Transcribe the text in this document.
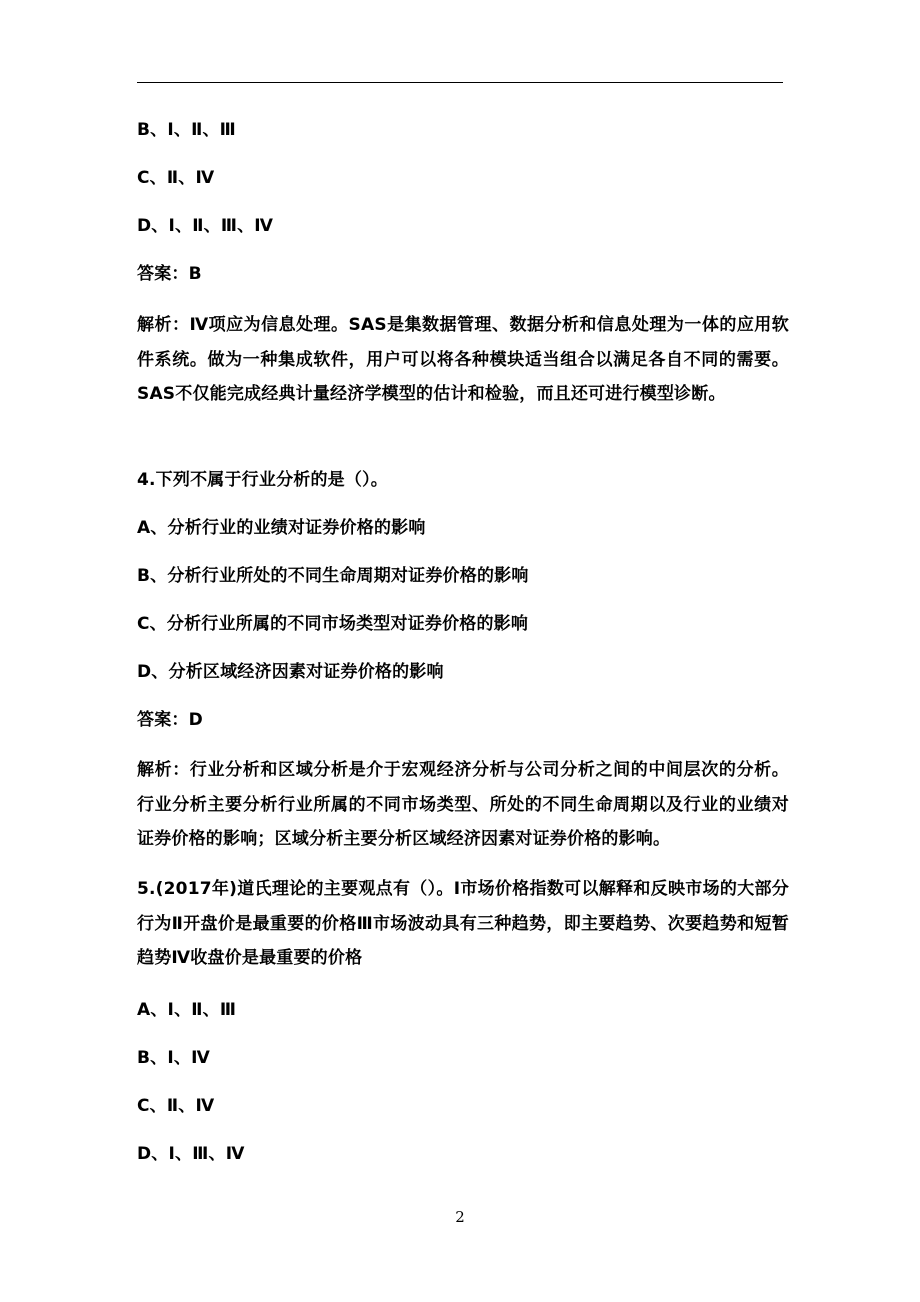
B、Ⅰ、Ⅱ、Ⅲ
C、Ⅱ、Ⅳ
D、Ⅰ、Ⅱ、Ⅲ、Ⅳ
答案：B
解析：Ⅳ项应为信息处理。SAS是集数据管理、数据分析和信息处理为一体的应用软件系统。做为一种集成软件，用户可以将各种模块适当组合以满足各自不同的需要。SAS不仅能完成经典计量经济学模型的估计和检验，而且还可进行模型诊断。
4.下列不属于行业分析的是（）。
A、分析行业的业绩对证券价格的影响
B、分析行业所处的不同生命周期对证券价格的影响
C、分析行业所属的不同市场类型对证券价格的影响
D、分析区域经济因素对证券价格的影响
答案：D
解析：行业分析和区域分析是介于宏观经济分析与公司分析之间的中间层次的分析。行业分析主要分析行业所属的不同市场类型、所处的不同生命周期以及行业的业绩对证券价格的影响；区域分析主要分析区域经济因素对证券价格的影响。
5.(2017年)道氏理论的主要观点有（）。Ⅰ市场价格指数可以解释和反映市场的大部分行为Ⅱ开盘价是最重要的价格Ⅲ市场波动具有三种趋势，即主要趋势、次要趋势和短暂趋势Ⅳ收盘价是最重要的价格
A、Ⅰ、Ⅱ、Ⅲ
B、Ⅰ、Ⅳ
C、Ⅱ、Ⅳ
D、Ⅰ、Ⅲ、Ⅳ
2
